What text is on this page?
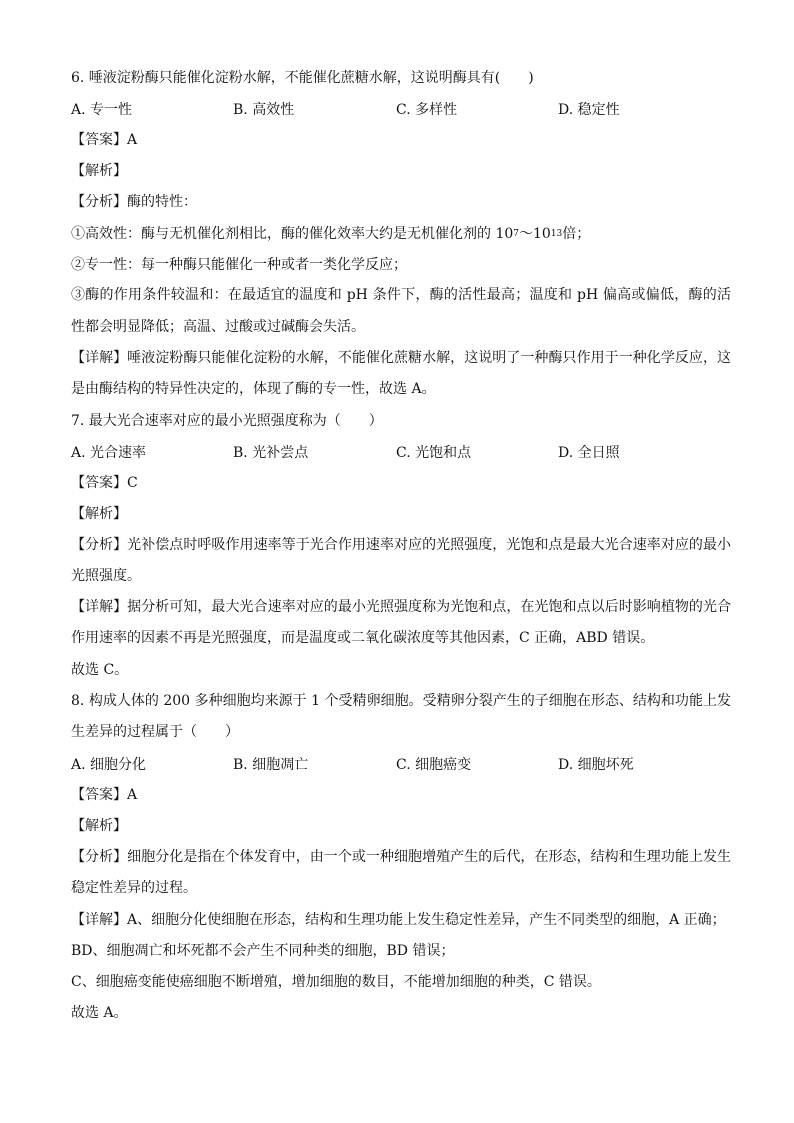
6. 唾液淀粉酶只能催化淀粉水解，不能催化蔗糖水解，这说明酶具有(　　)
A. 专一性	B. 高效性	C. 多样性	D. 稳定性
【答案】A
【解析】
【分析】酶的特性：
①高效性：酶与无机催化剂相比，酶的催化效率大约是无机催化剂的 10 7 ～10 13 倍；
②专一性：每一种酶只能催化一种或者一类化学反应；
③酶的作用条件较温和：在最适宜的温度和 pH 条件下，酶的活性最高；温度和 pH 偏高或偏低，酶的活性都会明显降低；高温、过酸或过碱酶会失活。
【详解】唾液淀粉酶只能催化淀粉的水解，不能催化蔗糖水解，这说明了一种酶只作用于一种化学反应，这是由酶结构的特异性决定的，体现了酶的专一性，故选 A。
7. 最大光合速率对应的最小光照强度称为（　　）
A. 光合速率	B. 光补尝点	C. 光饱和点	D. 全日照
【答案】C
【解析】
【分析】光补偿点时呼吸作用速率等于光合作用速率对应的光照强度，光饱和点是最大光合速率对应的最小光照强度。
【详解】据分析可知，最大光合速率对应的最小光照强度称为光饱和点，在光饱和点以后时影响植物的光合作用速率的因素不再是光照强度，而是温度或二氧化碳浓度等其他因素，C 正确，ABD 错误。
故选 C。
8. 构成人体的 200 多种细胞均来源于 1 个受精卵细胞。受精卵分裂产生的子细胞在形态、结构和功能上发生差异的过程属于（　　）
A. 细胞分化	B. 细胞凋亡	C. 细胞癌变	D. 细胞坏死
【答案】A
【解析】
【分析】细胞分化是指在个体发育中，由一个或一种细胞增殖产生的后代，在形态，结构和生理功能上发生稳定性差异的过程。
【详解】A、细胞分化使细胞在形态，结构和生理功能上发生稳定性差异，产生不同类型的细胞，A 正确；
BD、细胞凋亡和坏死都不会产生不同种类的细胞，BD 错误；
C、细胞癌变能使癌细胞不断增殖，增加细胞的数目，不能增加细胞的种类，C 错误。
故选 A。
